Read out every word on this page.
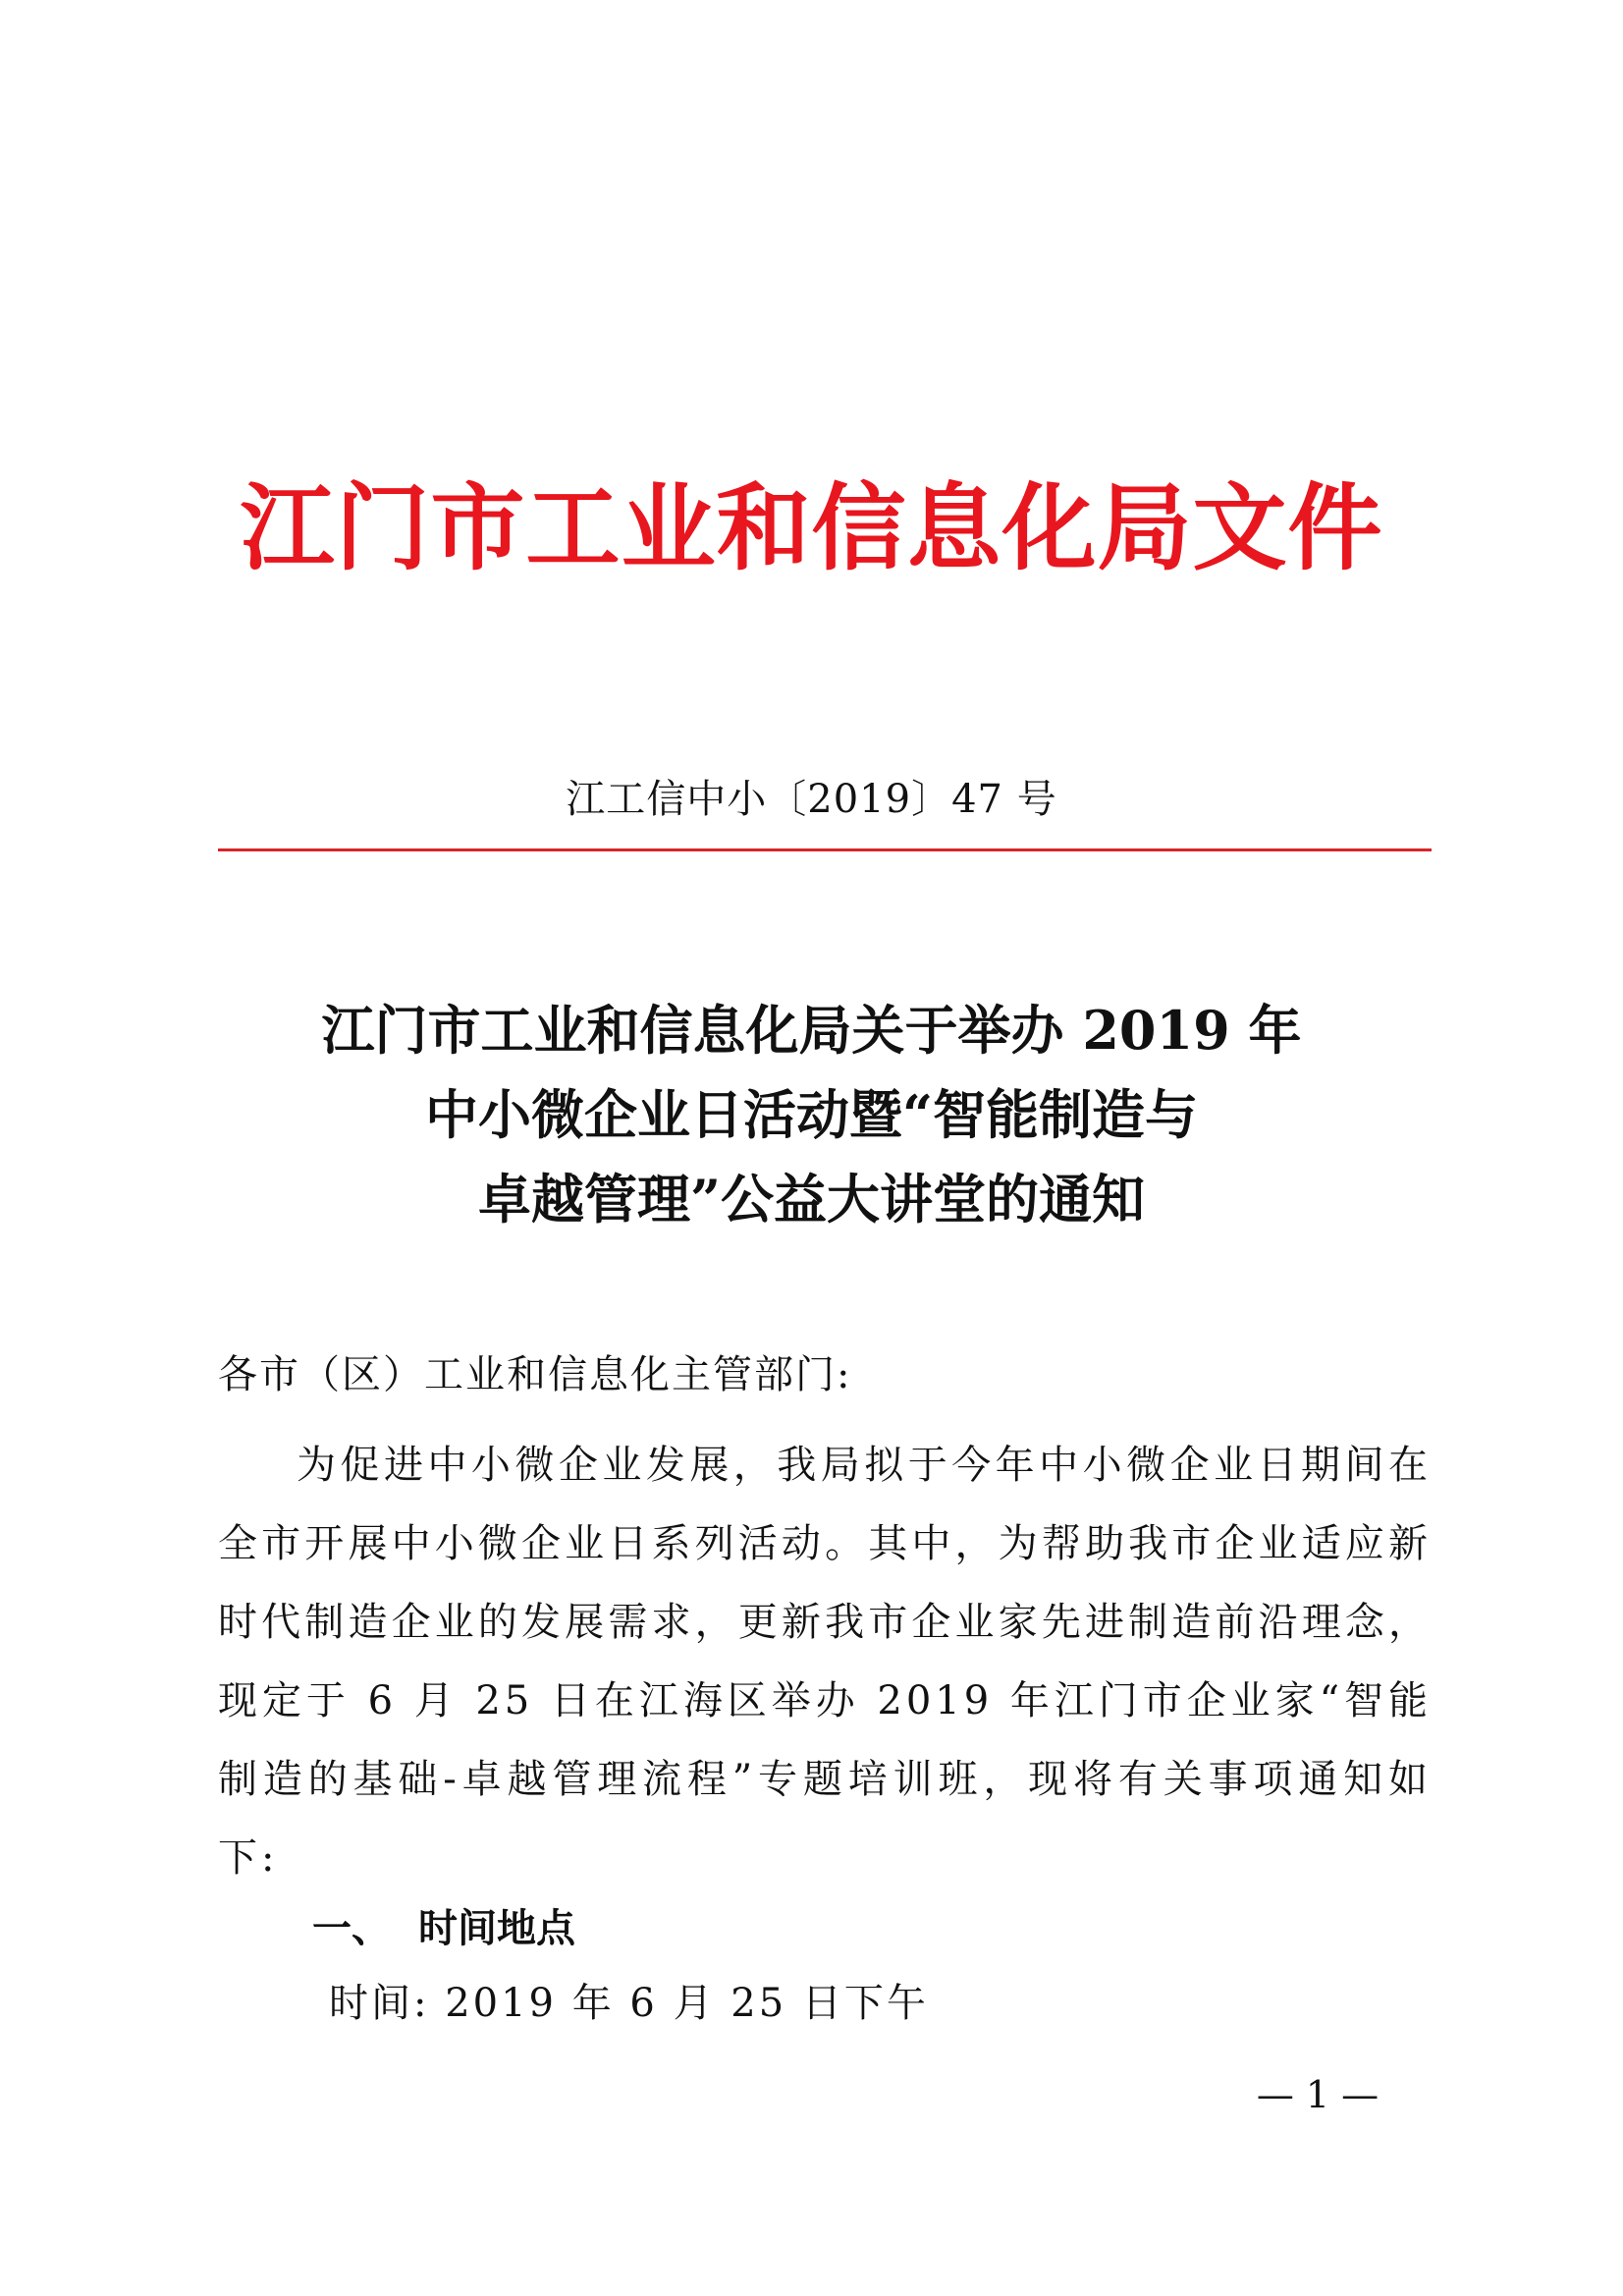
江门市工业和信息化局文件
江工信中小〔2019〕47 号
江门市工业和信息化局关于举办 2019 年
中小微企业日活动暨“智能制造与
卓越管理”公益大讲堂的通知
各市（区）工业和信息化主管部门:
为促进中小微企业发展，我局拟于今年中小微企业日期间在全市开展中小微企业日系列活动。其中，为帮助我市企业适应新时代制造企业的发展需求，更新我市企业家先进制造前沿理念，现定于 6 月 25 日在江海区举办 2019 年江门市企业家“智能制造的基础-卓越管理流程”专题培训班，现将有关事项通知如下:
一、 时间地点
时间: 2019 年 6 月 25 日下午
— 1 —
